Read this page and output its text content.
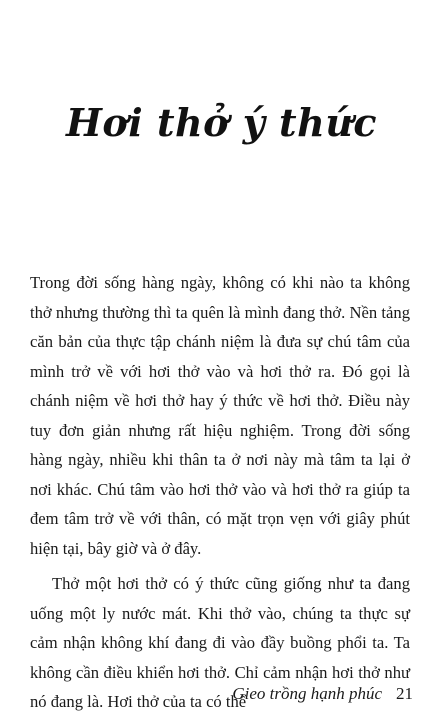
Hơi thở ý thức

Trong đời sống hàng ngày, không có khi nào ta không thở nhưng thường thì ta quên là mình đang thở. Nền tảng căn bản của thực tập chánh niệm là đưa sự chú tâm của mình trở về với hơi thở vào và hơi thở ra. Đó gọi là chánh niệm về hơi thở hay ý thức về hơi thở. Điều này tuy đơn giản nhưng rất hiệu nghiệm. Trong đời sống hàng ngày, nhiều khi thân ta ở nơi này mà tâm ta lại ở nơi khác. Chú tâm vào hơi thở vào và hơi thở ra giúp ta đem tâm trở về với thân, có mặt trọn vẹn với giây phút hiện tại, bây giờ và ở đây.

Thở một hơi thở có ý thức cũng giống như ta đang uống một ly nước mát. Khi thở vào, chúng ta thực sự cảm nhận không khí đang đi vào đầy buồng phổi ta. Ta không cần điều khiển hơi thở. Chỉ cảm nhận hơi thở như nó đang là. Hơi thở của ta có thể

Gieo trồng hạnh phúc 21
